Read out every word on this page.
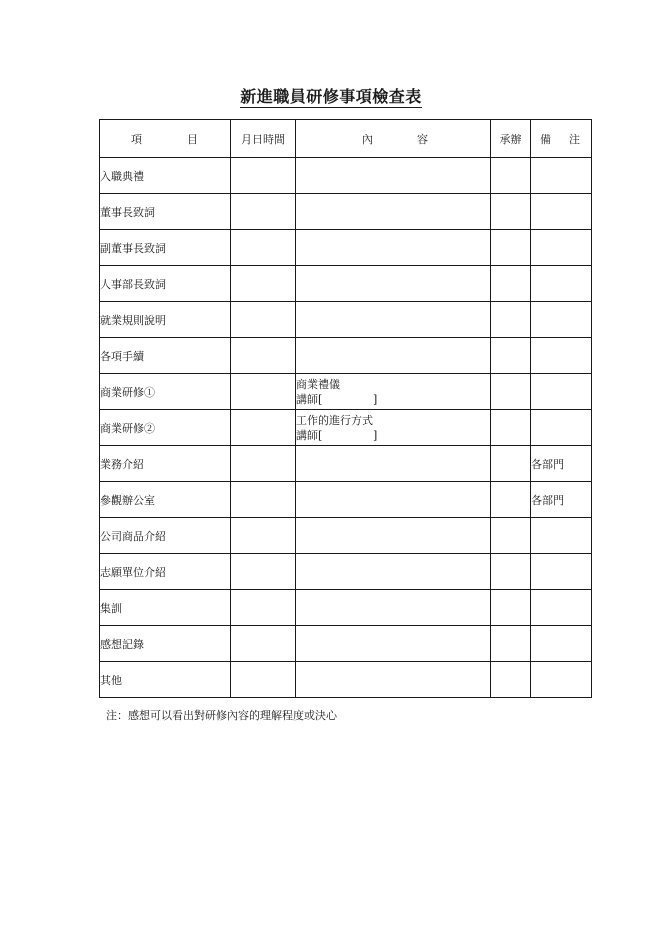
新進職員研修事項檢查表
項 目	月日時間	內 容	承辦	備 注

入職典禮				
董事長致詞				
副董事長致詞				
人事部長致詞				
就業規則說明				
各項手續				
商業研修①		商業禮儀
講師[ ]		

商業研修②		工作的進行方式
講師[ ]		

業務介紹				各部門
參觀辦公室				各部門
公司商品介紹				
志願單位介紹				
集訓				
感想記錄				
其他				
注：感想可以看出對研修內容的理解程度或決心
